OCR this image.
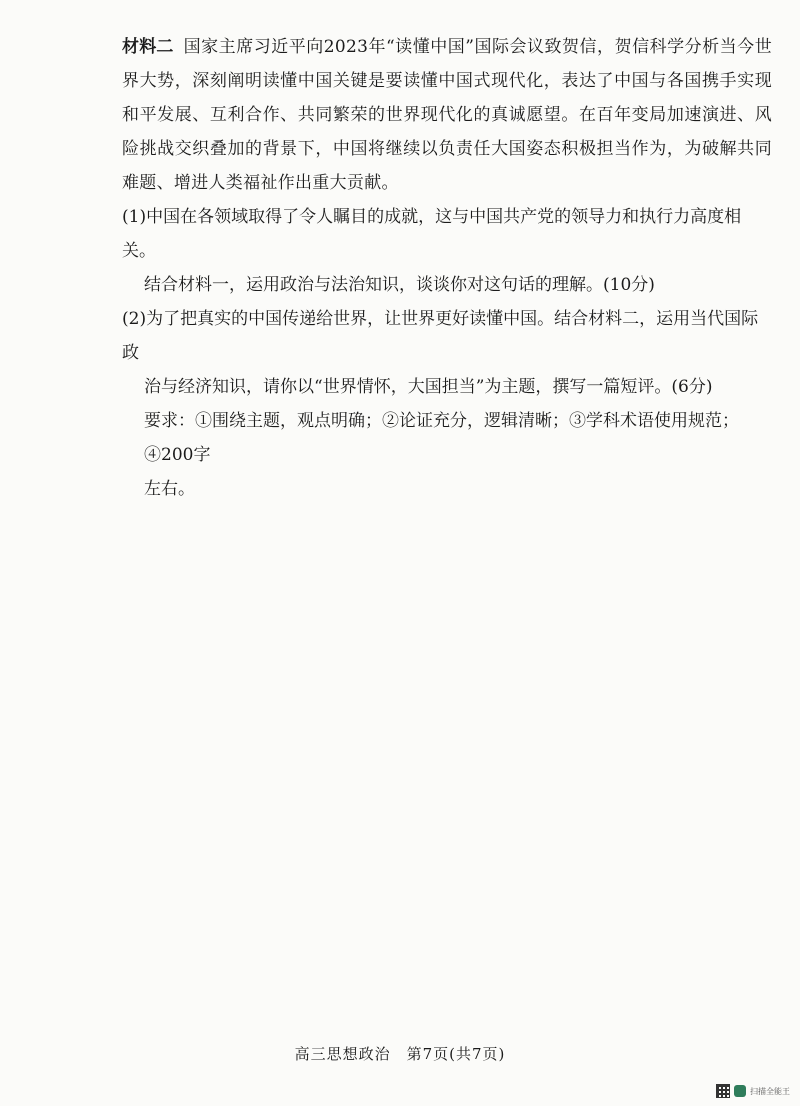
材料二 国家主席习近平向2023年“读懂中国”国际会议致贺信，贺信科学分析当今世界大势，深刻阐明读懂中国关键是要读懂中国式现代化，表达了中国与各国携手实现和平发展、互利合作、共同繁荣的世界现代化的真诚愿望。在百年变局加速演进、风险挑战交织叠加的背景下，中国将继续以负责任大国姿态积极担当作为，为破解共同难题、增进人类福祉作出重大贡献。

(1)中国在各领域取得了令人瞩目的成就，这与中国共产党的领导力和执行力高度相关。

结合材料一，运用政治与法治知识，谈谈你对这句话的理解。(10分)

(2)为了把真实的中国传递给世界，让世界更好读懂中国。结合材料二，运用当代国际政

治与经济知识，请你以“世界情怀，大国担当”为主题，撰写一篇短评。(6分)

要求：①围绕主题，观点明确；②论证充分，逻辑清晰；③学科术语使用规范；④200字

左右。

高三思想政治　第7页(共7页)
扫描全能王
